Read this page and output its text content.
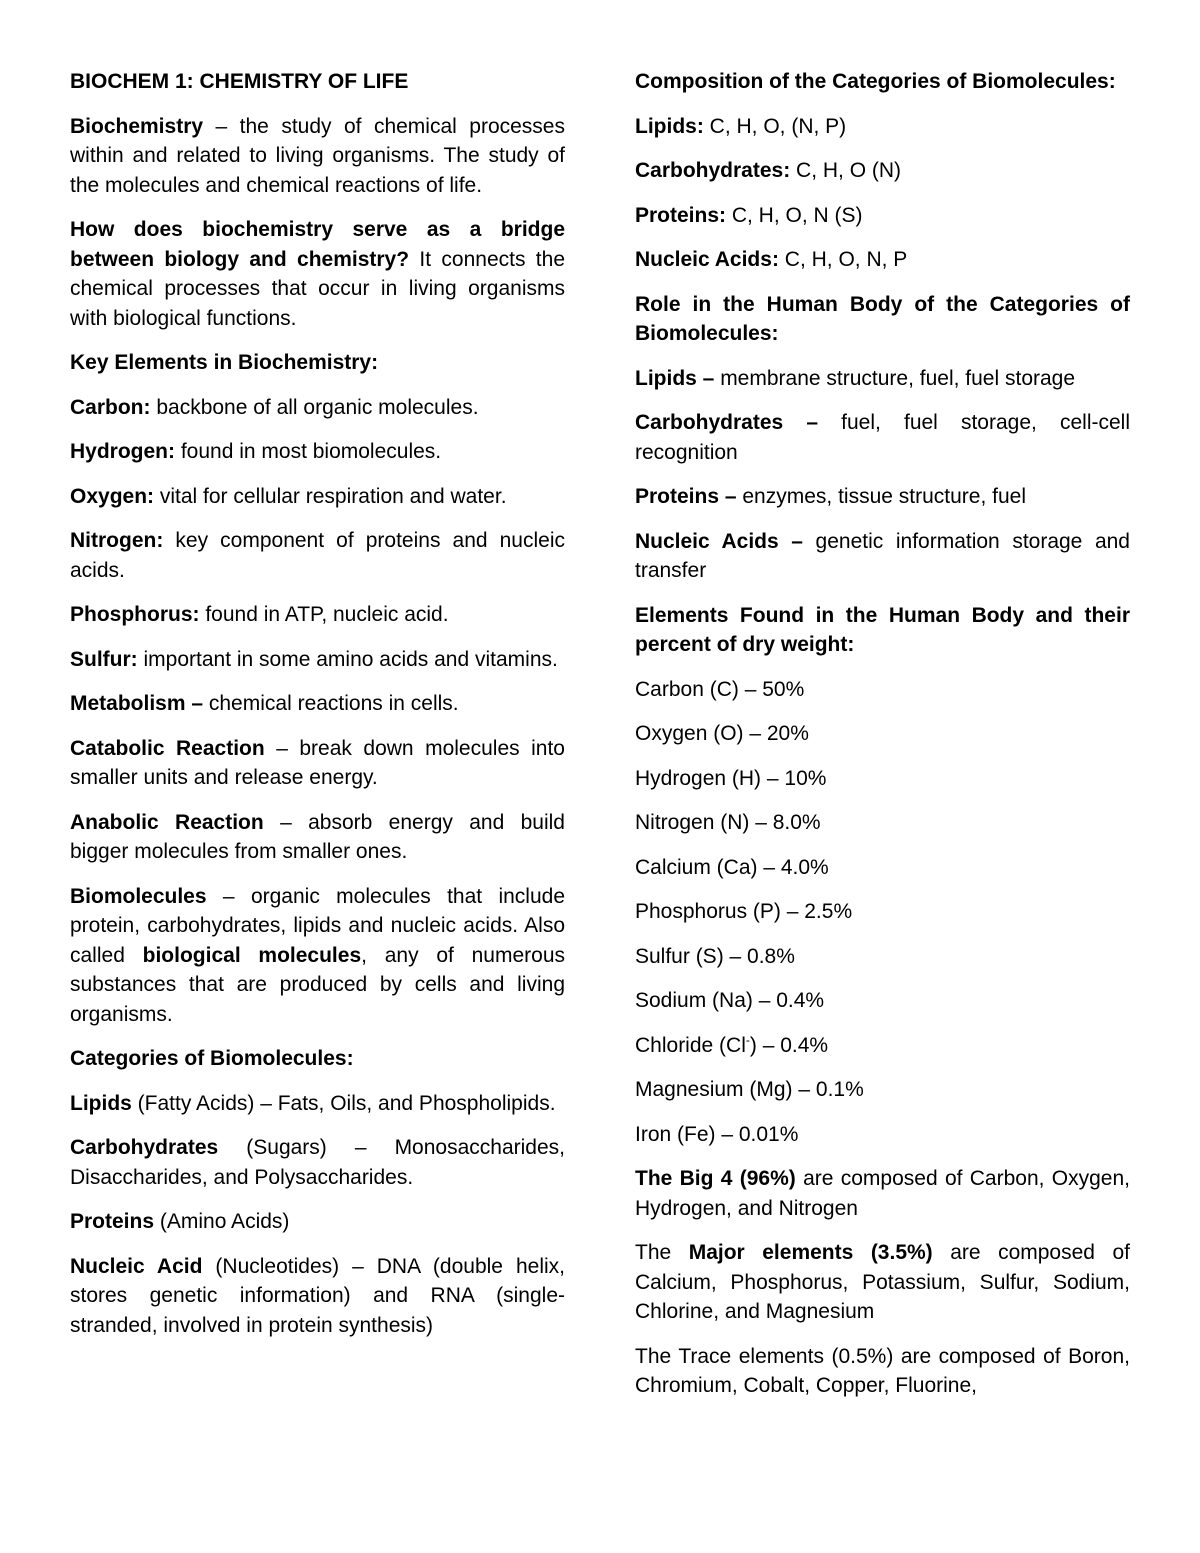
BIOCHEM 1: CHEMISTRY OF LIFE

Biochemistry – the study of chemical processes within and related to living organisms. The study of the molecules and chemical reactions of life.

How does biochemistry serve as a bridge between biology and chemistry? It connects the chemical processes that occur in living organisms with biological functions.

Key Elements in Biochemistry:

Carbon: backbone of all organic molecules.

Hydrogen: found in most biomolecules.

Oxygen: vital for cellular respiration and water.

Nitrogen: key component of proteins and nucleic acids.

Phosphorus: found in ATP, nucleic acid.

Sulfur: important in some amino acids and vitamins.

Metabolism – chemical reactions in cells.

Catabolic Reaction – break down molecules into smaller units and release energy.

Anabolic Reaction – absorb energy and build bigger molecules from smaller ones.

Biomolecules – organic molecules that include protein, carbohydrates, lipids and nucleic acids. Also called biological molecules, any of numerous substances that are produced by cells and living organisms.

Categories of Biomolecules:

Lipids (Fatty Acids) – Fats, Oils, and Phospholipids.

Carbohydrates (Sugars) – Monosaccharides, Disaccharides, and Polysaccharides.

Proteins (Amino Acids)

Nucleic Acid (Nucleotides) – DNA (double helix, stores genetic information) and RNA (single-stranded, involved in protein synthesis)

Composition of the Categories of Biomolecules:

Lipids: C, H, O, (N, P)

Carbohydrates: C, H, O (N)

Proteins: C, H, O, N (S)

Nucleic Acids: C, H, O, N, P

Role in the Human Body of the Categories of Biomolecules:

Lipids – membrane structure, fuel, fuel storage

Carbohydrates – fuel, fuel storage, cell-cell recognition

Proteins – enzymes, tissue structure, fuel

Nucleic Acids – genetic information storage and transfer

Elements Found in the Human Body and their percent of dry weight:

Carbon (C) – 50%

Oxygen (O) – 20%

Hydrogen (H) – 10%

Nitrogen (N) – 8.0%

Calcium (Ca) – 4.0%

Phosphorus (P) – 2.5%

Sulfur (S) – 0.8%

Sodium (Na) – 0.4%

Chloride (Cl-) – 0.4%

Magnesium (Mg) – 0.1%

Iron (Fe) – 0.01%

The Big 4 (96%) are composed of Carbon, Oxygen, Hydrogen, and Nitrogen

The Major elements (3.5%) are composed of Calcium, Phosphorus, Potassium, Sulfur, Sodium, Chlorine, and Magnesium

The Trace elements (0.5%) are composed of Boron, Chromium, Cobalt, Copper, Fluorine,
